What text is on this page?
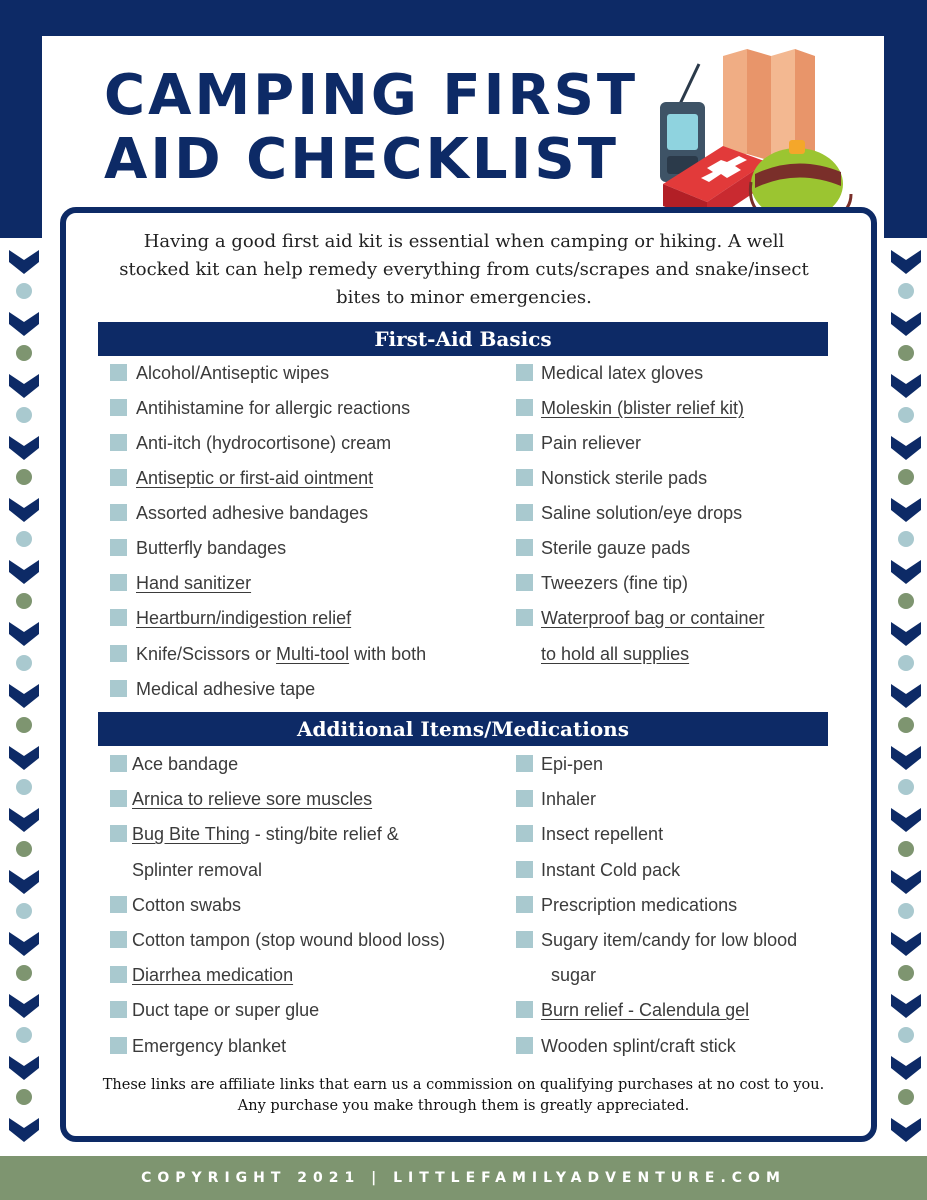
CAMPING FIRST
AID CHECKLIST

Having a good first aid kit is essential when camping or hiking. A well stocked kit can help remedy everything from cuts/scrapes and snake/insect bites to minor emergencies.

First-Aid Basics
Alcohol/Antiseptic wipes
Antihistamine for allergic reactions
Anti-itch (hydrocortisone) cream
Antiseptic or first-aid ointment
Assorted adhesive bandages
Butterfly bandages
Hand sanitizer
Heartburn/indigestion relief
Knife/Scissors or Multi-tool with both
Medical adhesive tape
Medical latex gloves
Moleskin (blister relief kit)
Pain reliever
Nonstick sterile pads
Saline solution/eye drops
Sterile gauze pads
Tweezers (fine tip)
Waterproof bag or container
to hold all supplies
Additional Items/Medications
Ace bandage
Arnica to relieve sore muscles
Bug Bite Thing - sting/bite relief &
Splinter removal
Cotton swabs
Cotton tampon (stop wound blood loss)
Diarrhea medication
Duct tape or super glue
Emergency blanket
Epi-pen
Inhaler
Insect repellent
Instant Cold pack
Prescription medications
Sugary item/candy for low blood
sugar
Burn relief - Calendula gel
Wooden splint/craft stick

These links are affiliate links that earn us a commission on qualifying purchases at no cost to you.
Any purchase you make through them is greatly appreciated.

COPYRIGHT 2021 | LITTLEFAMILYADVENTURE.COM
